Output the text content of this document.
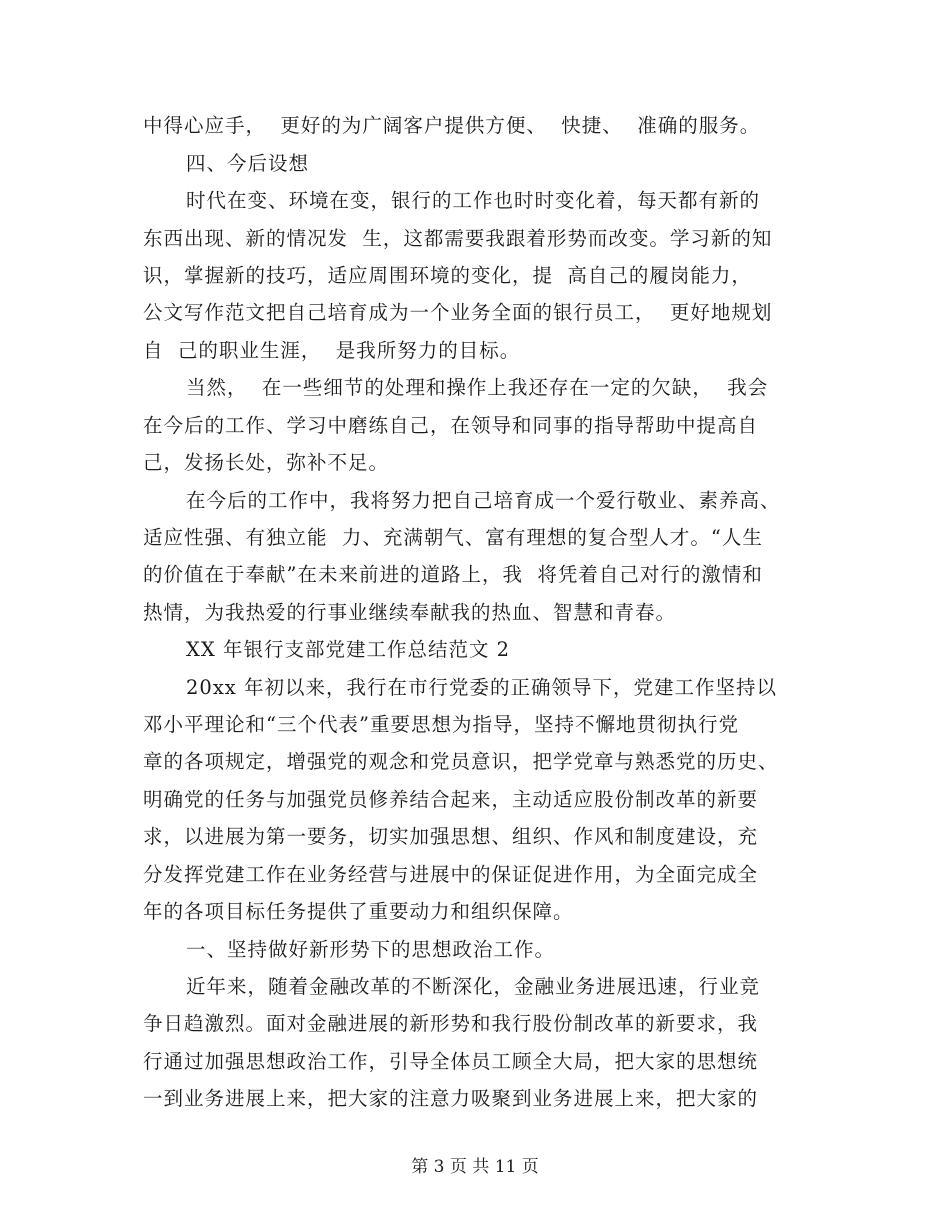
中得心应手，  更好的为广阔客户提供方便、  快捷、  准确的服务。
四、今后设想
时代在变、环境在变，银行的工作也时时变化着，每天都有新的
东西出现、新的情况发  生，这都需要我跟着形势而改变。学习新的知
识，掌握新的技巧，适应周围环境的变化，提  高自己的履岗能力，
公文写作范文把自己培育成为一个业务全面的银行员工，  更好地规划
自  己的职业生涯，  是我所努力的目标。
当然，  在一些细节的处理和操作上我还存在一定的欠缺，  我会
在今后的工作、学习中磨练自己，在领导和同事的指导帮助中提高自
己，发扬长处，弥补不足。
在今后的工作中，我将努力把自己培育成一个爱行敬业、素养高、
适应性强、有独立能  力、充满朝气、富有理想的复合型人才。“人生
的价值在于奉献”在未来前进的道路上，我  将凭着自己对行的激情和
热情，为我热爱的行事业继续奉献我的热血、智慧和青春。
XX 年银行支部党建工作总结范文 2
20xx 年初以来，我行在市行党委的正确领导下，党建工作坚持以
邓小平理论和“三个代表”重要思想为指导，坚持不懈地贯彻执行党
章的各项规定，增强党的观念和党员意识，把学党章与熟悉党的历史、
明确党的任务与加强党员修养结合起来，主动适应股份制改革的新要
求，以进展为第一要务，切实加强思想、组织、作风和制度建设，充
分发挥党建工作在业务经营与进展中的保证促进作用，为全面完成全
年的各项目标任务提供了重要动力和组织保障。
一、坚持做好新形势下的思想政治工作。
近年来，随着金融改革的不断深化，金融业务进展迅速，行业竞
争日趋激烈。面对金融进展的新形势和我行股份制改革的新要求，我
行通过加强思想政治工作，引导全体员工顾全大局，把大家的思想统
一到业务进展上来，把大家的注意力吸聚到业务进展上来，把大家的
第 3 页 共 11 页
